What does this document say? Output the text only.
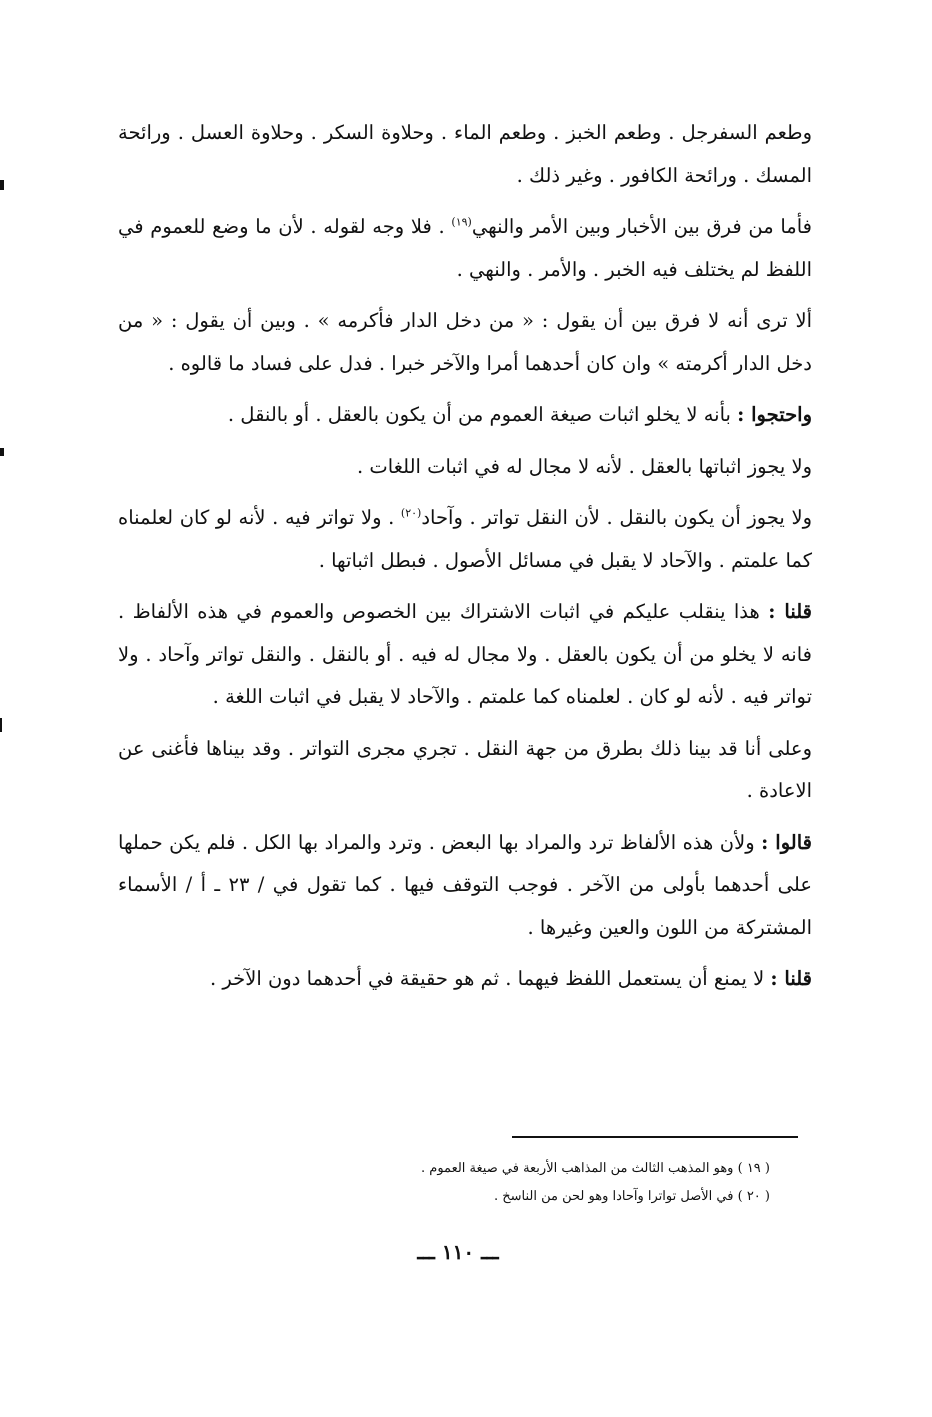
وطعم السفرجل . وطعم الخبز . وطعم الماء . وحلاوة السكر . وحلاوة العسل . ورائحة المسك . ورائحة الكافور . وغير ذلك .

فأما من فرق بين الأخبار وبين الأمر والنهي$^{(١٩)}$ . فلا وجه لقوله . لأن ما وضع للعموم في اللفظ لم يختلف فيه الخبر . والأمر . والنهي .

ألا ترى أنه لا فرق بين أن يقول : « من دخل الدار فأكرمه » . وبين أن يقول : « من دخل الدار أكرمته » وان كان أحدهما أمرا والآخر خبرا . فدل على فساد ما قالوه .

واحتجوا : بأنه لا يخلو اثبات صيغة العموم من أن يكون بالعقل . أو بالنقل .

ولا يجوز اثباتها بالعقل . لأنه لا مجال له في اثبات اللغات .

ولا يجوز أن يكون بالنقل . لأن النقل تواتر . وآحاد$^{(٢٠)}$ . ولا تواتر فيه . لأنه لو كان لعلمناه كما علمتم . والآحاد لا يقبل في مسائل الأصول . فبطل اثباتها .

قلنا : هذا ينقلب عليكم في اثبات الاشتراك بين الخصوص والعموم في هذه الألفاظ . فانه لا يخلو من أن يكون بالعقل . ولا مجال له فيه . أو بالنقل . والنقل تواتر وآحاد . ولا تواتر فيه . لأنه لو كان . لعلمناه كما علمتم . والآحاد لا يقبل في اثبات اللغة .

وعلى أنا قد بينا ذلك بطرق من جهة النقل . تجري مجرى التواتر . وقد بيناها فأغنى عن الاعادة .

قالوا : ولأن هذه الألفاظ ترد والمراد بها البعض . وترد والمراد بها الكل . فلم يكن حملها على أحدهما بأولى من الآخر . فوجب التوقف فيها . كما تقول في / ٢٣ ـ أ / الأسماء المشتركة من اللون والعين وغيرها .

قلنا : لا يمنع أن يستعمل اللفظ فيهما . ثم هو حقيقة في أحدهما دون الآخر .

( ١٩ ) وهو المذهب الثالث من المذاهب الأربعة في صيغة العموم .
( ٢٠ ) في الأصل تواترا وآحادا وهو لحن من الناسخ .
ـــ ١١٠ ـــ
